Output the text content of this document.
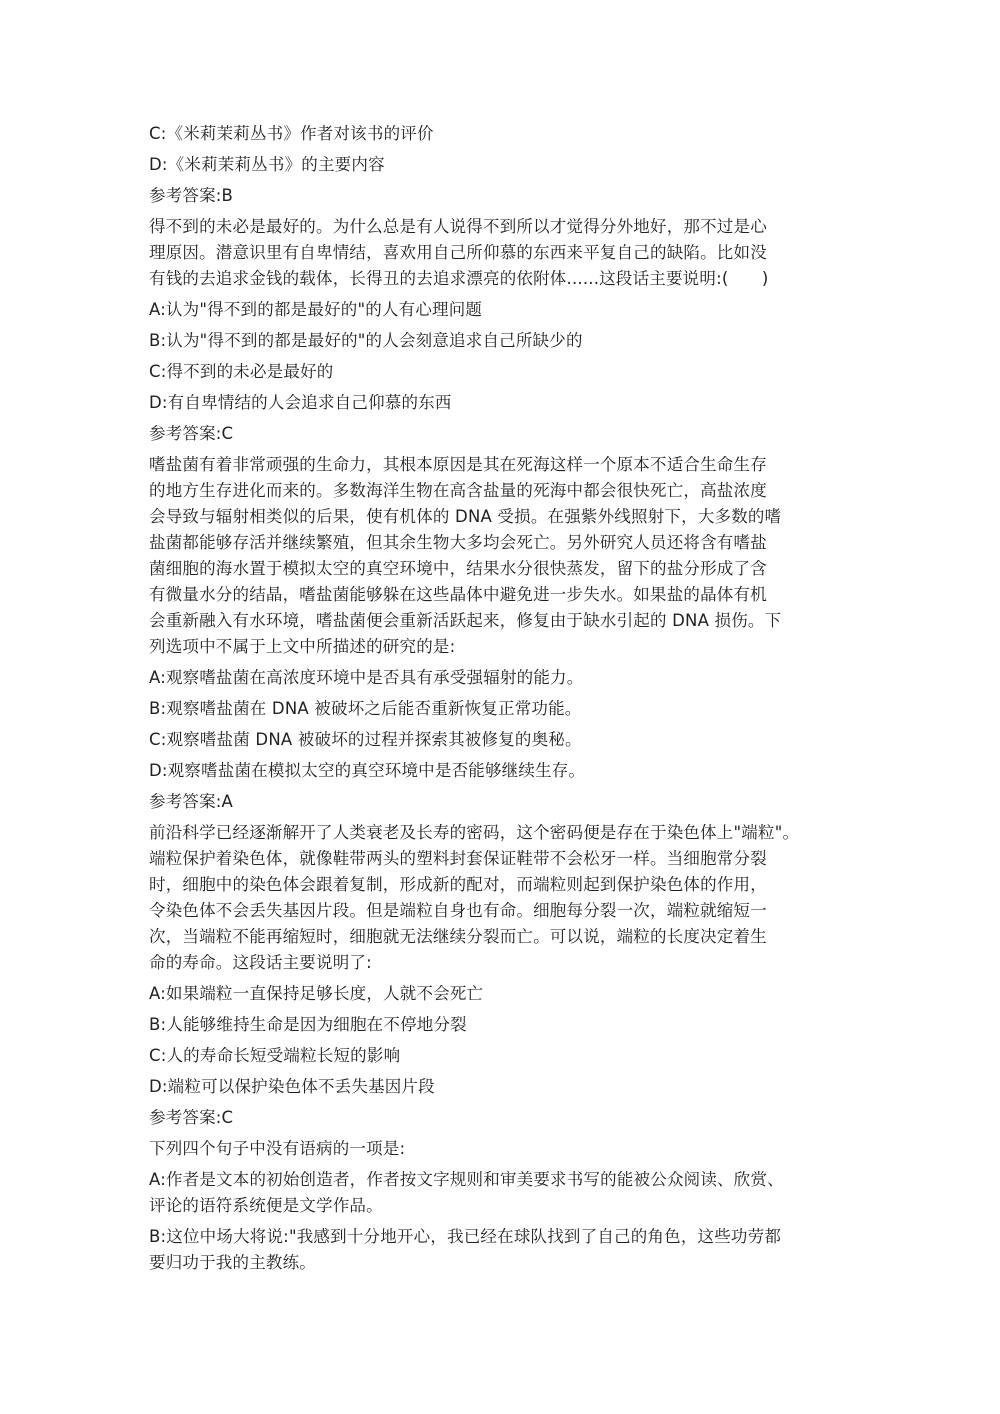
C:《米莉茉莉丛书》作者对该书的评价
D:《米莉茉莉丛书》的主要内容
参考答案:B
得不到的未必是最好的。为什么总是有人说得不到所以才觉得分外地好，那不过是心
理原因。潜意识里有自卑情结，喜欢用自己所仰慕的东西来平复自己的缺陷。比如没
有钱的去追求金钱的载体，长得丑的去追求漂亮的依附体......这段话主要说明:(　　)
A:认为"得不到的都是最好的"的人有心理问题
B:认为"得不到的都是最好的"的人会刻意追求自己所缺少的
C:得不到的未必是最好的
D:有自卑情结的人会追求自己仰慕的东西
参考答案:C
嗜盐菌有着非常顽强的生命力，其根本原因是其在死海这样一个原本不适合生命生存
的地方生存进化而来的。多数海洋生物在高含盐量的死海中都会很快死亡，高盐浓度
会导致与辐射相类似的后果，使有机体的 DNA 受损。在强紫外线照射下，大多数的嗜
盐菌都能够存活并继续繁殖，但其余生物大多均会死亡。另外研究人员还将含有嗜盐
菌细胞的海水置于模拟太空的真空环境中，结果水分很快蒸发，留下的盐分形成了含
有微量水分的结晶，嗜盐菌能够躲在这些晶体中避免进一步失水。如果盐的晶体有机
会重新融入有水环境，嗜盐菌便会重新活跃起来，修复由于缺水引起的 DNA 损伤。下
列选项中不属于上文中所描述的研究的是:
A:观察嗜盐菌在高浓度环境中是否具有承受强辐射的能力。
B:观察嗜盐菌在 DNA 被破坏之后能否重新恢复正常功能。
C:观察嗜盐菌 DNA 被破坏的过程并探索其被修复的奥秘。
D:观察嗜盐菌在模拟太空的真空环境中是否能够继续生存。
参考答案:A
前沿科学已经逐渐解开了人类衰老及长寿的密码，这个密码便是存在于染色体上"端粒"。
端粒保护着染色体，就像鞋带两头的塑料封套保证鞋带不会松牙一样。当细胞常分裂
时，细胞中的染色体会跟着复制，形成新的配对，而端粒则起到保护染色体的作用，
令染色体不会丢失基因片段。但是端粒自身也有命。细胞每分裂一次，端粒就缩短一
次，当端粒不能再缩短时，细胞就无法继续分裂而亡。可以说，端粒的长度决定着生
命的寿命。这段话主要说明了:
A:如果端粒一直保持足够长度，人就不会死亡
B:人能够维持生命是因为细胞在不停地分裂
C:人的寿命长短受端粒长短的影响
D:端粒可以保护染色体不丢失基因片段
参考答案:C
下列四个句子中没有语病的一项是:
A:作者是文本的初始创造者，作者按文字规则和审美要求书写的能被公众阅读、欣赏、
评论的语符系统便是文学作品。
B:这位中场大将说:"我感到十分地开心，我已经在球队找到了自己的角色，这些功劳都
要归功于我的主教练。
